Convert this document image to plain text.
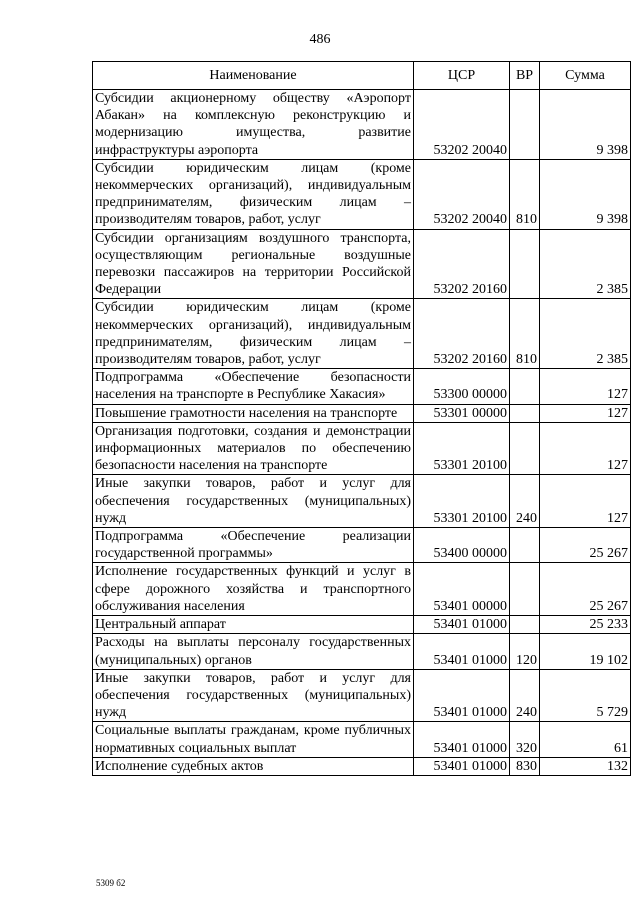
486
Наименование	ЦСР	ВР	Сумма
Субсидии акционерному обществу «Аэропорт Абакан» на комплексную реконструкцию и модернизацию имущества, развитие инфраструктуры аэропорта	53202 20040		9 398
Субсидии юридическим лицам (кроме некоммерческих организаций), индивидуальным предпринимателям, физическим лицам – производителям товаров, работ, услуг	53202 20040	810	9 398
Субсидии организациям воздушного транспорта, осуществляющим региональные воздушные перевозки пассажиров на территории Российской Федерации	53202 20160		2 385
Субсидии юридическим лицам (кроме некоммерческих организаций), индивидуальным предпринимателям, физическим лицам – производителям товаров, работ, услуг	53202 20160	810	2 385
Подпрограмма «Обеспечение безопасности населения на транспорте в Республике Хакасия»	53300 00000		127
Повышение грамотности населения на транспорте	53301 00000		127
Организация подготовки, создания и демонстрации информационных материалов по обеспечению безопасности населения на транспорте	53301 20100		127
Иные закупки товаров, работ и услуг для обеспечения государственных (муниципальных) нужд	53301 20100	240	127
Подпрограмма «Обеспечение реализации государственной программы»	53400 00000		25 267
Исполнение государственных функций и услуг в сфере дорожного хозяйства и транспортного обслуживания населения	53401 00000		25 267
Центральный аппарат	53401 01000		25 233
Расходы на выплаты персоналу государственных (муниципальных) органов	53401 01000	120	19 102
Иные закупки товаров, работ и услуг для обеспечения государственных (муниципальных) нужд	53401 01000	240	5 729
Социальные выплаты гражданам, кроме публичных нормативных социальных выплат	53401 01000	320	61
Исполнение судебных актов	53401 01000	830	132
5309 б2
